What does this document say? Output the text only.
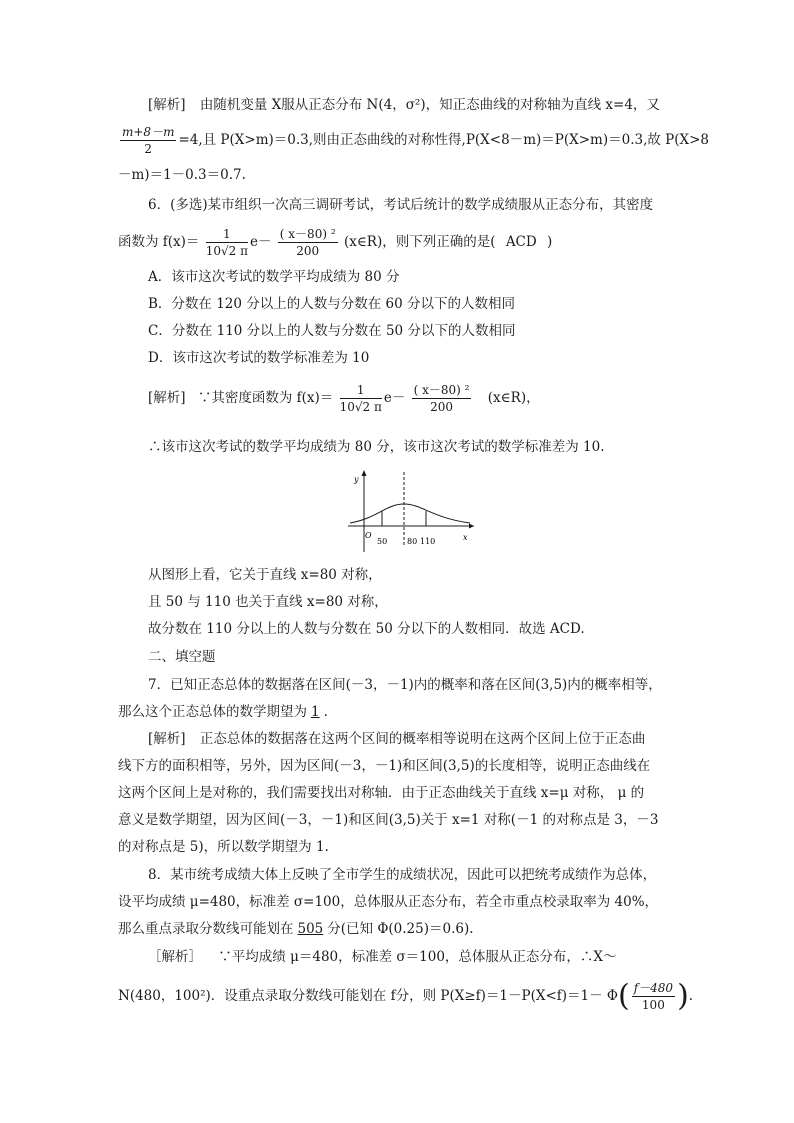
[解析] 由随机变量 X服从正态分布 N(4，σ²)，知正态曲线的对称轴为直线 x=4，又
$\frac{m+8-m}{2} =4$,且 P(X>m)＝0.3,则由正态曲线的对称性得,P(X<8－m)＝P(X>m)＝0.3,故 P(X>8
－m)＝1－0.3＝0.7.
6．(多选)某市组织一次高三调研考试，考试后统计的数学成绩服从正态分布，其密度
函数为 $f(x)= \frac{1}{10√2 \pi} e- \frac{\text{( x－80) ²}}{200}$ (x∈R)，则下列正确的是( ACD )
A．该市这次考试的数学平均成绩为 80 分
B．分数在 120 分以上的人数与分数在 60 分以下的人数相同
C．分数在 110 分以上的人数与分数在 50 分以下的人数相同
D．该市这次考试的数学标准差为 10
[解析] ∵其密度函数为 $f(x)= \frac{1}{10√2 \pi} e- \frac{\text{( x－80) ²}}{200}$ (x∈R)，
∴该市这次考试的数学平均成绩为 80 分，该市这次考试的数学标准差为 10.
y
x
O
50 80 110
从图形上看，它关于直线 x=80 对称，
且 50 与 110 也关于直线 x=80 对称，
故分数在 110 分以上的人数与分数在 50 分以下的人数相同．故选 ACD.
二、填空题
7．已知正态总体的数据落在区间(－3，－1)内的概率和落在区间(3,5)内的概率相等，
那么这个正态总体的数学期望为 1 .
[解析] 正态总体的数据落在这两个区间的概率相等说明在这两个区间上位于正态曲
线下方的面积相等，另外，因为区间(－3，－1)和区间(3,5)的长度相等，说明正态曲线在
这两个区间上是对称的，我们需要找出对称轴．由于正态曲线关于直线 x=μ 对称， μ 的
意义是数学期望，因为区间(－3，－1)和区间(3,5)关于 x=1 对称(－1 的对称点是 3，－3
的对称点是 5)，所以数学期望为 1.
8．某市统考成绩大体上反映了全市学生的成绩状况，因此可以把统考成绩作为总体，
设平均成绩 μ=480，标准差 σ=100，总体服从正态分布，若全市重点校录取率为 40%，
那么重点录取分数线可能划在 505 分(已知 Φ(0.25)＝0.6).
［解析］ ∵平均成绩 μ＝480，标准差 σ＝100，总体服从正态分布，∴X～
N(480，100²)．设重点录取分数线可能划在 f分，则 $P(X\ge f)=1-P(X<f)=1- \Phi( \frac{f-480}{100}$ ).
